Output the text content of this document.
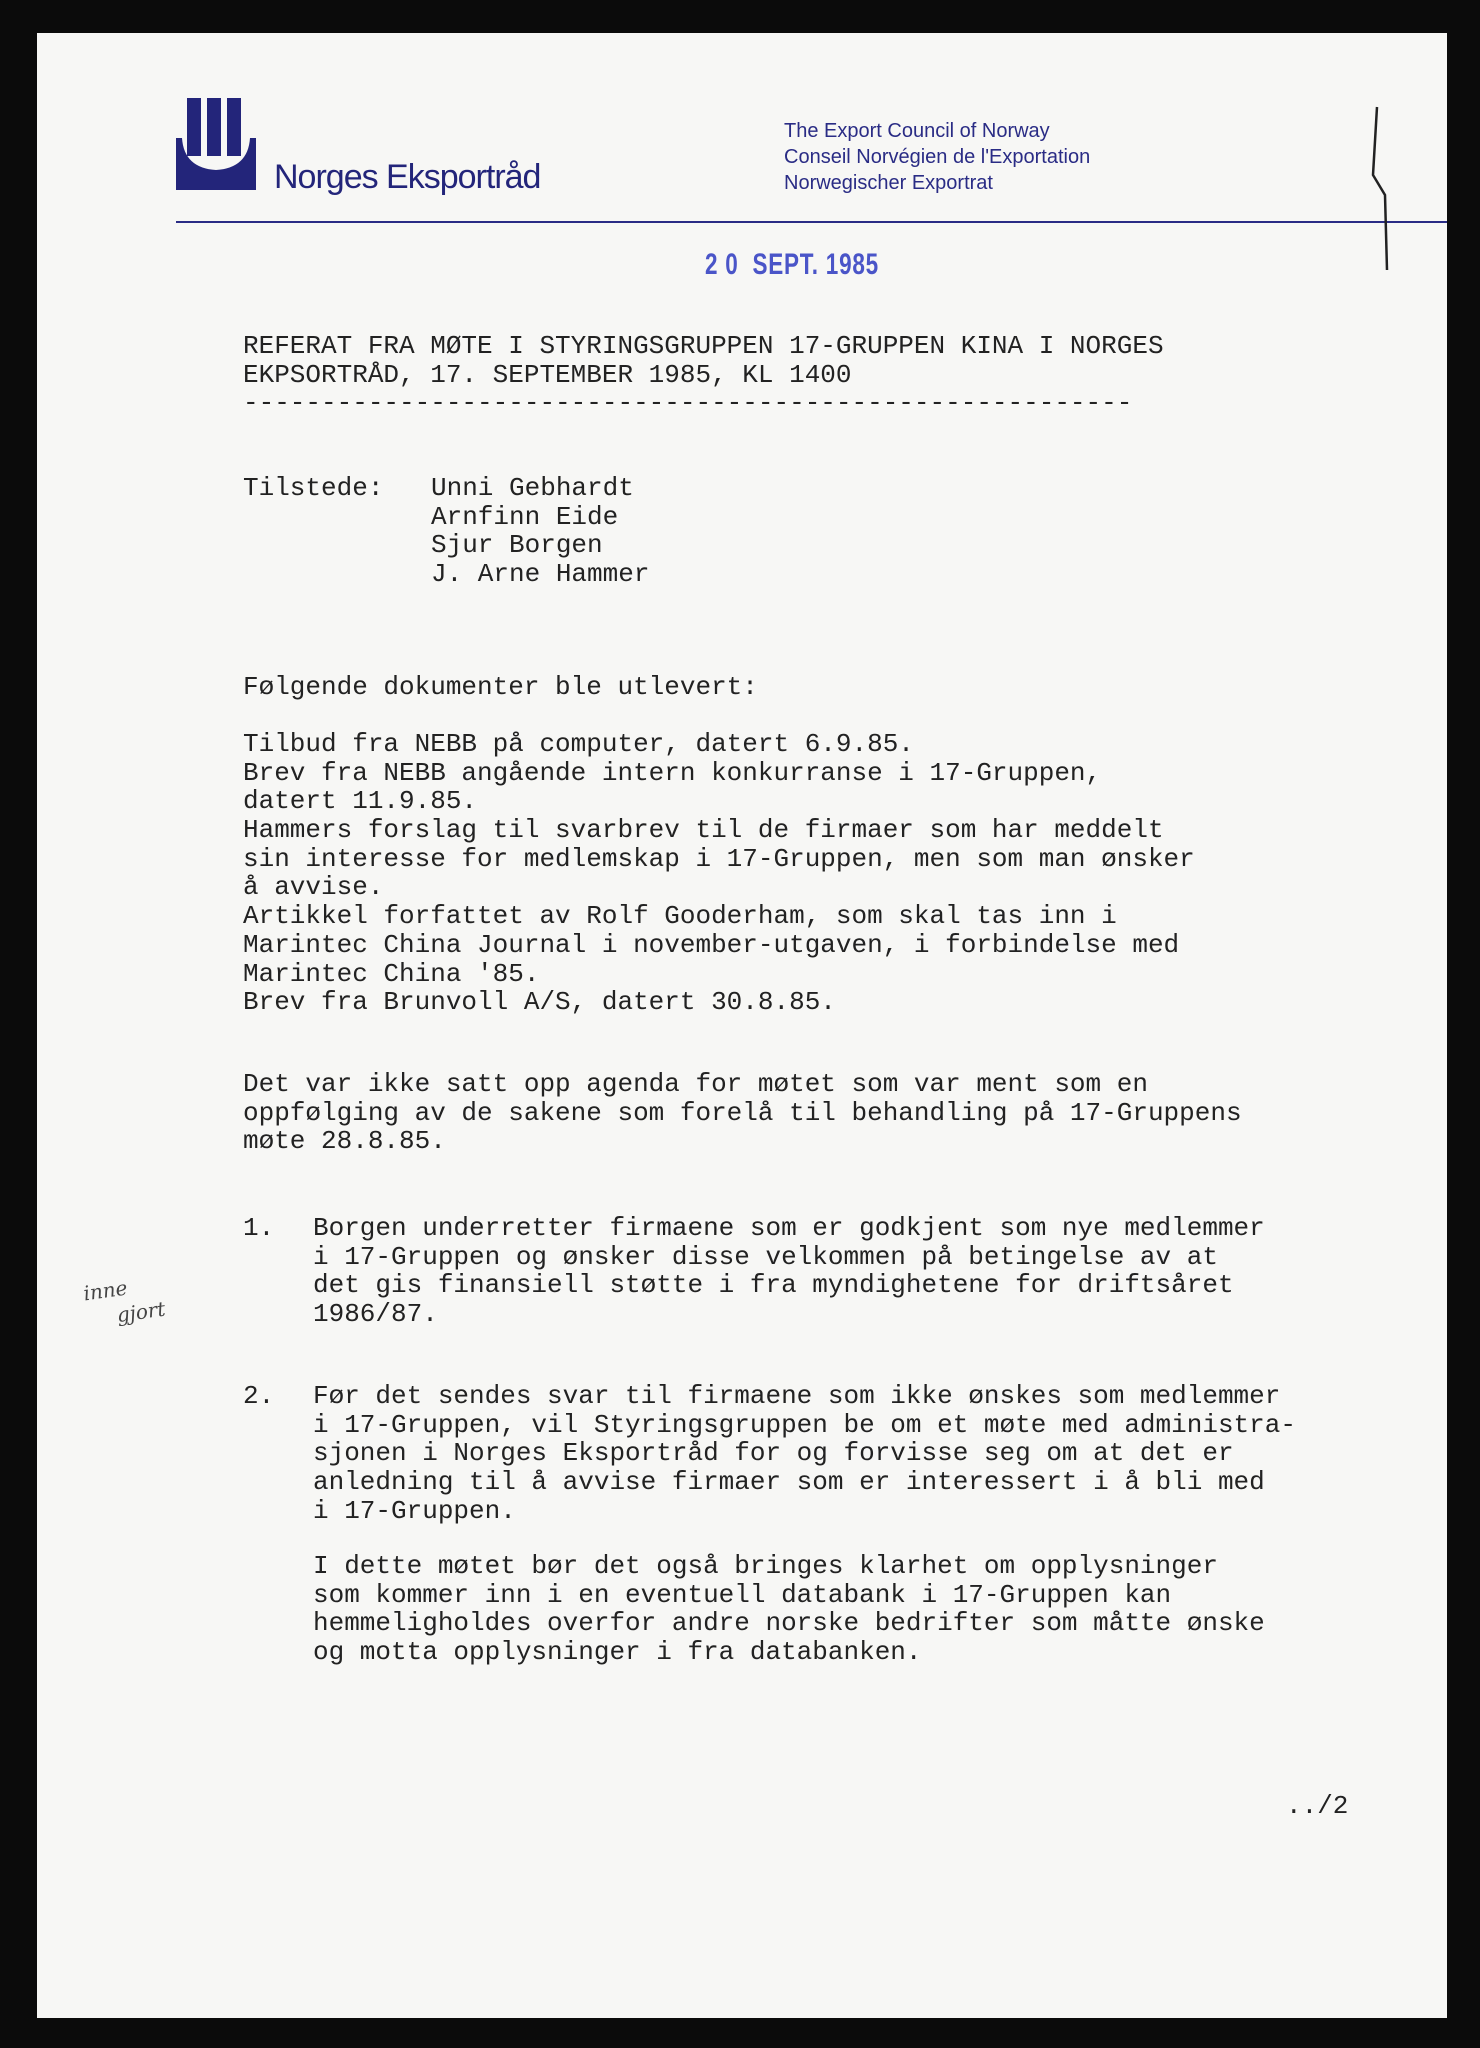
Norges Eksportråd
The Export Council of Norway
Conseil Norvégien de l'Exportation
Norwegischer Exportrat
2 0  SEPT. 1985
REFERAT FRA MØTE I STYRINGSGRUPPEN 17-GRUPPEN KINA I NORGES
EKPSORTRÅD, 17. SEPTEMBER 1985, KL 1400
---------------------------------------------------------
Tilstede: Unni Gebhardt
Arnfinn Eide
Sjur Borgen
J. Arne Hammer
Følgende dokumenter ble utlevert:
Tilbud fra NEBB på computer, datert 6.9.85.
Brev fra NEBB angående intern konkurranse i 17-Gruppen,
datert 11.9.85.
Hammers forslag til svarbrev til de firmaer som har meddelt
sin interesse for medlemskap i 17-Gruppen, men som man ønsker
å avvise.
Artikkel forfattet av Rolf Gooderham, som skal tas inn i
Marintec China Journal i november-utgaven, i forbindelse med
Marintec China '85.
Brev fra Brunvoll A/S, datert 30.8.85.
Det var ikke satt opp agenda for møtet som var ment som en
oppfølging av de sakene som forelå til behandling på 17-Gruppens
møte 28.8.85.
1. Borgen underretter firmaene som er godkjent som nye medlemmer
i 17-Gruppen og ønsker disse velkommen på betingelse av at
det gis finansiell støtte i fra myndighetene for driftsåret
1986/87.
inne
gjort
2. Før det sendes svar til firmaene som ikke ønskes som medlemmer
i 17-Gruppen, vil Styringsgruppen be om et møte med administra-
sjonen i Norges Eksportråd for og forvisse seg om at det er
anledning til å avvise firmaer som er interessert i å bli med
i 17-Gruppen.
I dette møtet bør det også bringes klarhet om opplysninger
som kommer inn i en eventuell databank i 17-Gruppen kan
hemmeligholdes overfor andre norske bedrifter som måtte ønske
og motta opplysninger i fra databanken.
../2
